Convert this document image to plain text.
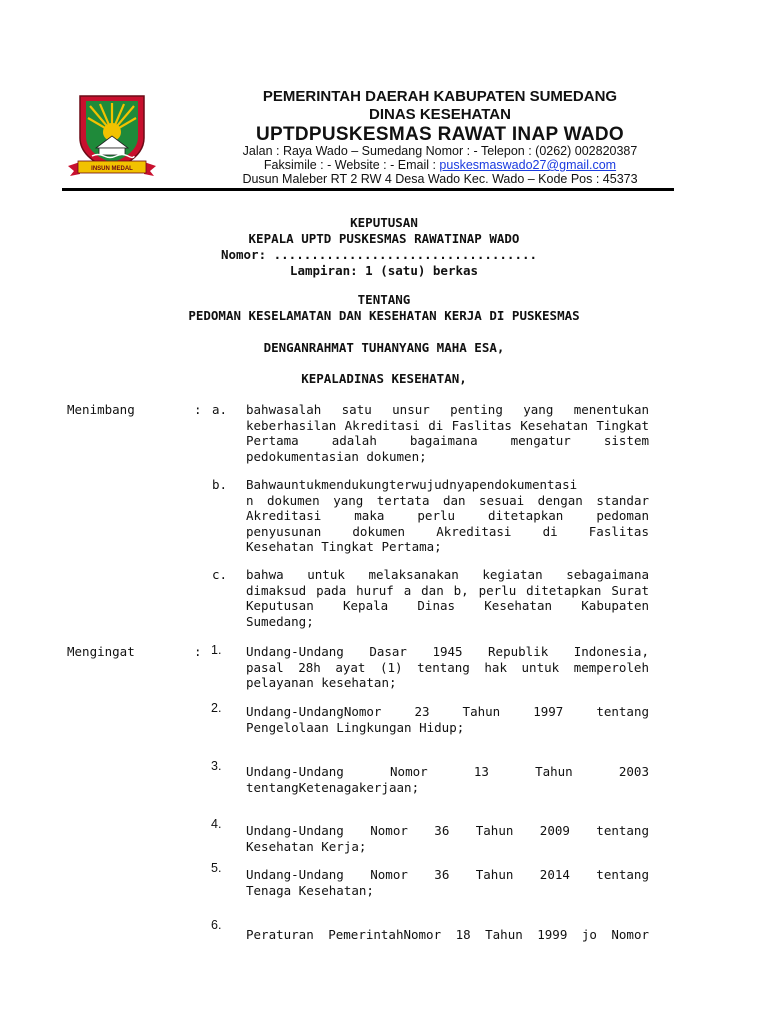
INSUN MEDAL
PEMERINTAH DAERAH KABUPATEN SUMEDANG
DINAS KESEHATAN
UPTDPUSKESMAS RAWAT INAP WADO
Jalan : Raya Wado – Sumedang Nomor : - Telepon : (0262) 002820387
Faksimile : - Website : - Email : puskesmaswado27@gmail.com
Dusun Maleber RT 2 RW 4 Desa Wado Kec. Wado – Kode Pos : 45373
KEPUTUSAN
KEPALA UPTD PUSKESMAS RAWATINAP WADO
Nomor: ...................................
Lampiran: 1 (satu) berkas
TENTANG
PEDOMAN KESELAMATAN DAN KESEHATAN KERJA DI PUSKESMAS
DENGANRAHMAT TUHANYANG MAHA ESA,
KEPALADINAS KESEHATAN,
Menimbang	: a. bahwasalah satu unsur penting yang menentukan
keberhasilan Akreditasi di Faslitas Kesehatan Tingkat
Pertama adalah bagaimana mengatur sistem
pedokumentasian dokumen;
b. Bahwauntukmendukungterwujudnyapendokumentasi
n dokumen yang tertata dan sesuai dengan standar
Akreditasi maka perlu ditetapkan pedoman
penyusunan dokumen Akreditasi di Faslitas
Kesehatan Tingkat Pertama;
c. bahwa untuk melaksanakan kegiatan sebagaimana
dimaksud pada huruf a dan b, perlu ditetapkan Surat
Keputusan Kepala Dinas Kesehatan Kabupaten
Sumedang;
Mengingat	: 1. Undang-Undang Dasar 1945 Republik Indonesia,
pasal 28h ayat (1) tentang hak untuk memperoleh
pelayanan kesehatan;
2. Undang-UndangNomor 23 Tahun 1997 tentang
Pengelolaan Lingkungan Hidup;
3. Undang-Undang Nomor 13 Tahun 2003
tentangKetenagakerjaan;
4. Undang-Undang Nomor 36 Tahun 2009 tentang
Kesehatan Kerja;
5. Undang-Undang Nomor 36 Tahun 2014 tentang
Tenaga Kesehatan;
6.
Peraturan PemerintahNomor 18 Tahun 1999 jo Nomor
